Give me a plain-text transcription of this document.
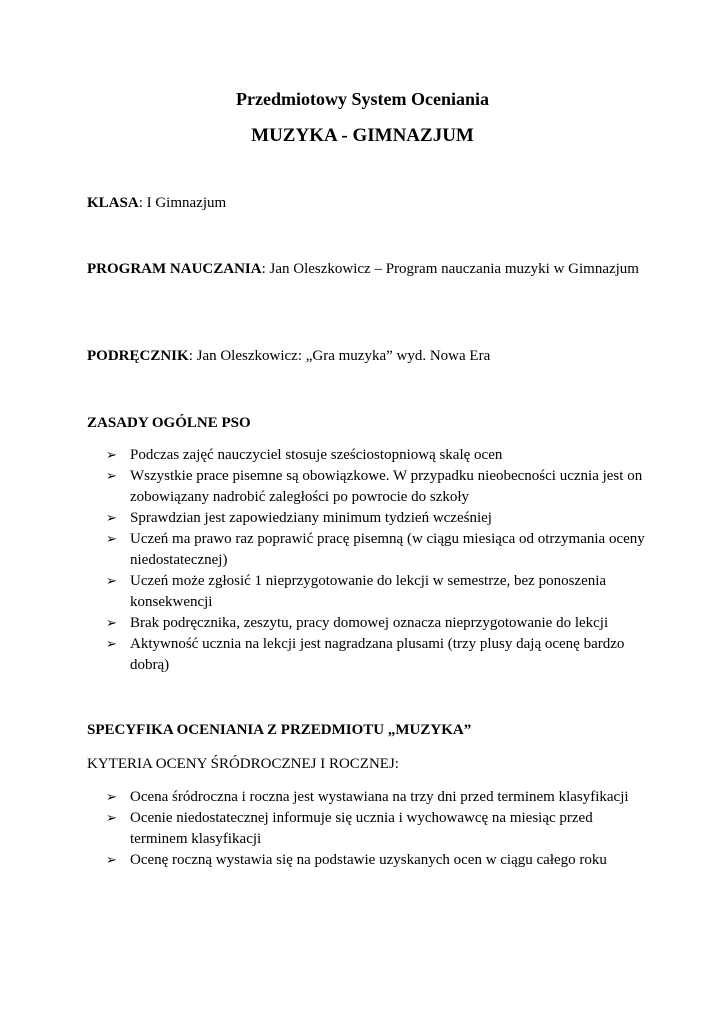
Przedmiotowy System Oceniania
MUZYKA - GIMNAZJUM

KLASA: I Gimnazjum

PROGRAM NAUCZANIA: Jan Oleszkowicz – Program nauczania muzyki w Gimnazjum

PODRĘCZNIK: Jan Oleszkowicz: „Gra muzyka” wyd. Nowa Era

ZASADY OGÓLNE PSO

➢ Podczas zajęć nauczyciel stosuje sześciostopniową skalę ocen
➢ Wszystkie prace pisemne są obowiązkowe. W przypadku nieobecności ucznia jest on zobowiązany nadrobić zaległości po powrocie do szkoły
➢ Sprawdzian jest zapowiedziany minimum tydzień wcześniej
➢ Uczeń ma prawo raz poprawić pracę pisemną (w ciągu miesiąca od otrzymania oceny niedostatecznej)
➢ Uczeń może zgłosić 1 nieprzygotowanie do lekcji w semestrze, bez ponoszenia konsekwencji
➢ Brak podręcznika, zeszytu, pracy domowej oznacza nieprzygotowanie do lekcji
➢ Aktywność ucznia na lekcji jest nagradzana plusami (trzy plusy dają ocenę bardzo dobrą)

SPECYFIKA OCENIANIA Z PRZEDMIOTU „MUZYKA”

KYTERIA OCENY ŚRÓDROCZNEJ I ROCZNEJ:

➢ Ocena śródroczna i roczna jest wystawiana na trzy dni przed terminem klasyfikacji
➢ Ocenie niedostatecznej informuje się ucznia i wychowawcę na miesiąc przed terminem klasyfikacji
➢ Ocenę roczną wystawia się na podstawie uzyskanych ocen w ciągu całego roku
